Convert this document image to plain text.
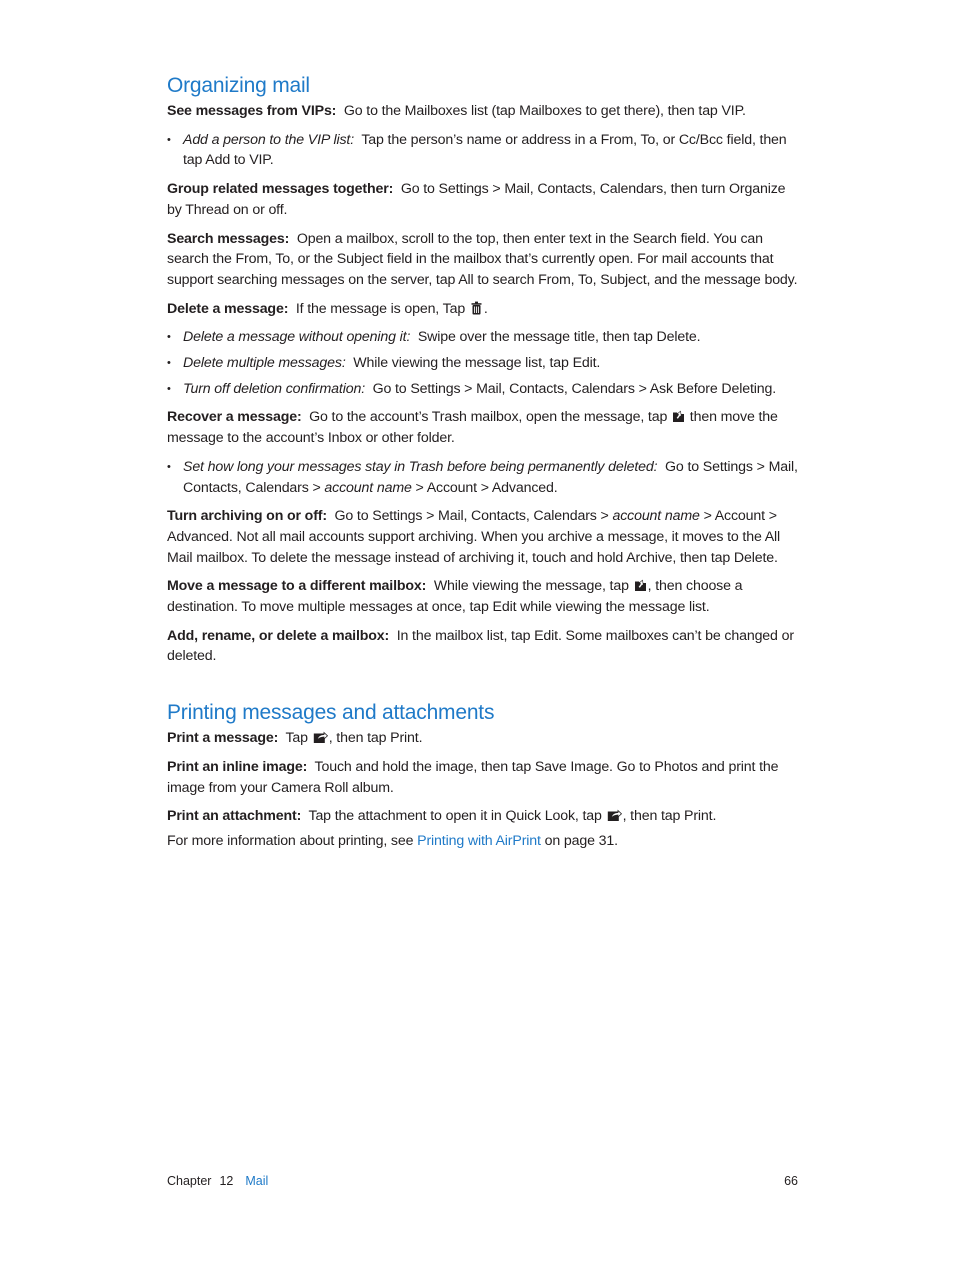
Organizing mail

See messages from VIPs: Go to the Mailboxes list (tap Mailboxes to get there), then tap VIP.

• Add a person to the VIP list: Tap the person’s name or address in a From, To, or Cc/Bcc field, then tap Add to VIP.

Group related messages together: Go to Settings > Mail, Contacts, Calendars, then turn Organize by Thread on or off.

Search messages: Open a mailbox, scroll to the top, then enter text in the Search field. You can search the From, To, or the Subject field in the mailbox that’s currently open. For mail accounts that support searching messages on the server, tap All to search From, To, Subject, and the message body.

Delete a message: If the message is open, Tap .

• Delete a message without opening it: Swipe over the message title, then tap Delete.
• Delete multiple messages: While viewing the message list, tap Edit.
• Turn off deletion confirmation: Go to Settings > Mail, Contacts, Calendars > Ask Before Deleting.

Recover a message: Go to the account’s Trash mailbox, open the message, tap then move the message to the account’s Inbox or other folder.

• Set how long your messages stay in Trash before being permanently deleted: Go to Settings > Mail, Contacts, Calendars > account name > Account > Advanced.

Turn archiving on or off: Go to Settings > Mail, Contacts, Calendars > account name > Account > Advanced. Not all mail accounts support archiving. When you archive a message, it moves to the All Mail mailbox. To delete the message instead of archiving it, touch and hold Archive, then tap Delete.

Move a message to a different mailbox: While viewing the message, tap , then choose a destination. To move multiple messages at once, tap Edit while viewing the message list.

Add, rename, or delete a mailbox: In the mailbox list, tap Edit. Some mailboxes can’t be changed or deleted.

Printing messages and attachments

Print a message: Tap , then tap Print.

Print an inline image: Touch and hold the image, then tap Save Image. Go to Photos and print the image from your Camera Roll album.

Print an attachment: Tap the attachment to open it in Quick Look, tap , then tap Print.

For more information about printing, see Printing with AirPrint on page 31.

Chapter 12 Mail	66
